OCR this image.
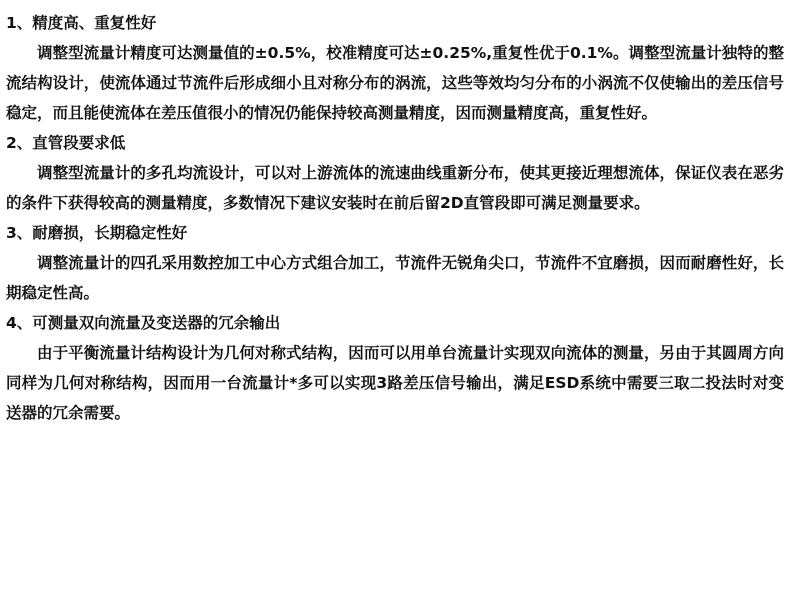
1、精度高、重复性好

调整型流量计精度可达测量值的±0.5%，校准精度可达±0.25%,重复性优于0.1%。调整型流量计独特的整流结构设计，使流体通过节流件后形成细小且对称分布的涡流，这些等效均匀分布的小涡流不仅使输出的差压信号稳定，而且能使流体在差压值很小的情况仍能保持较高测量精度，因而测量精度高，重复性好。

2、直管段要求低

调整型流量计的多孔均流设计，可以对上游流体的流速曲线重新分布，使其更接近理想流体，保证仪表在恶劣的条件下获得较高的测量精度，多数情况下建议安装时在前后留2D直管段即可满足测量要求。

3、耐磨损，长期稳定性好

调整流量计的四孔采用数控加工中心方式组合加工，节流件无锐角尖口，节流件不宜磨损，因而耐磨性好，长期稳定性高。

4、可测量双向流量及变送器的冗余输出

由于平衡流量计结构设计为几何对称式结构，因而可以用单台流量计实现双向流体的测量，另由于其圆周方向同样为几何对称结构，因而用一台流量计*多可以实现3路差压信号输出，满足ESD系统中需要三取二投法时对变送器的冗余需要。
